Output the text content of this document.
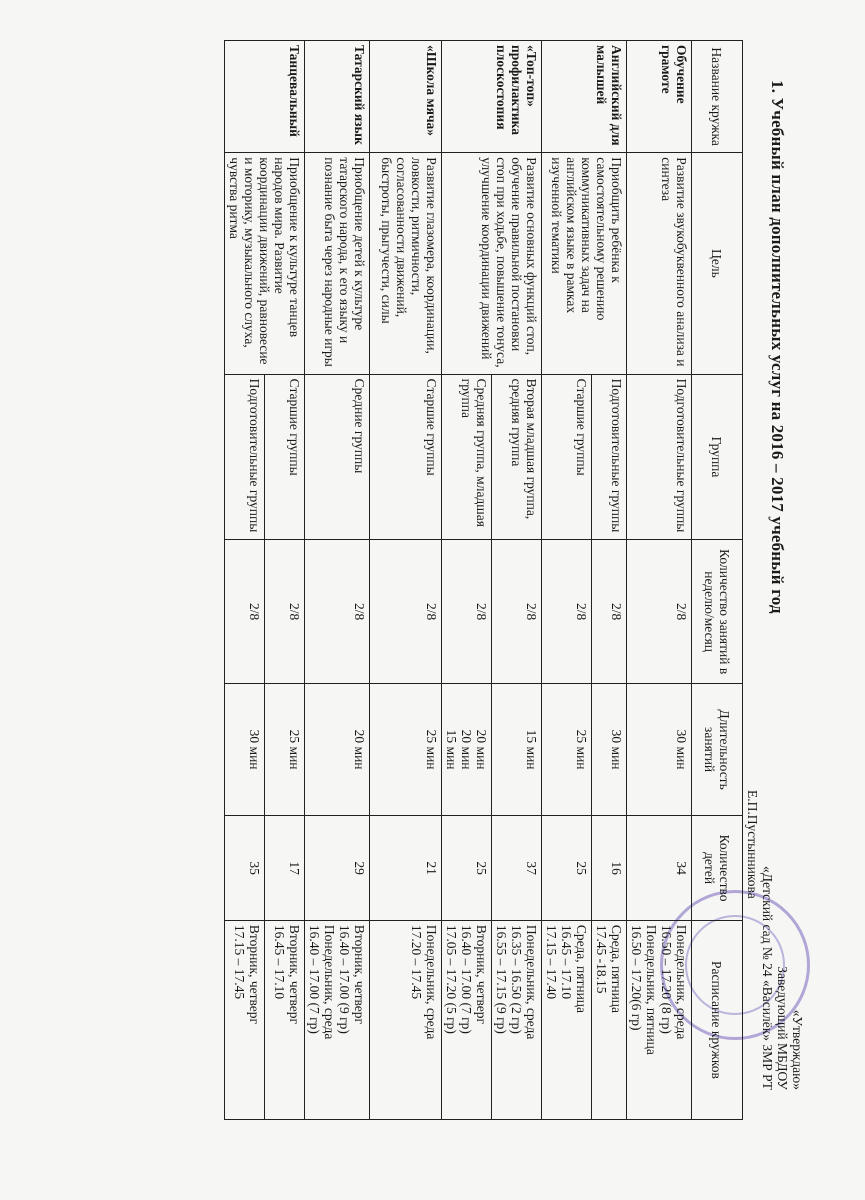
«Утверждаю»
Заведующий МБДОУ
«Детский сад № 24 «Василёк» ЗМР РТ
Е.П.Пустынникова
1. Учебный план дополнительных услуг на 2016 – 2017 учебный год
Название кружка	Цель	Группа	Количество занятий в неделю/месяц	Длительность занятий	Количество детей	Расписание кружков
Обучение грамоте	Развитие звукобуквенного анализа и синтеза	Подготовительные группы	2/8	30 мин	34	Понедельник, среда
16.50 – 17.20 (8 гр)
Понедельник, пятница
16.50 – 17.20(6 гр)

Английский для малышей	Приобщить ребёнка к самостоятельному решению коммуникативных задач на английском языке в рамках изученной тематики	Подготовительные группы	2/8	30 мин	16	Среда, пятница
17.45 -18.15

		Старшие группы	2/8	25 мин	25	Среда, пятница
16.45 – 17.10
17.15 – 17.40

«Топ-топ» профилактика плоскостопия	Развитие основных функций стоп, обучение правильной постановки стоп при ходьбе, повышение тонуса, улучшение координации движений	Вторая младшая группа, средняя группа	2/8	15 мин	37	Понедельник, среда
16.35 – 16.50 (2 гр)
16.55 – 17.15 (9 гр)

		Средняя группа, младшая группа	2/8	20 мин
20 мин
15 мин	25	Вторник, четверг
16.40 – 17.00 (7 гр)
17.05 – 17.20 (5 гр)

«Школа мяча»	Развитие глазомера, координации, ловкости, ритмичности, согласованности движений, быстроты, прыгучести, силы	Старшие группы	2/8	25 мин	21	Понедельник, среда
17.20 – 17.45

Татарский язык	Приобщение детей к культуре татарского народа, к его языку и познание быта через народные игры	Средние группы	2/8	20 мин	29	Вторник, четверг
16.40 – 17.00 (9 гр)
Понедельник, среда
16.40 – 17.00 (7 гр)

Танцевальный	Приобщение к культуре танцев народов мира. Развитие координации движений, равновесие и моторику, музыкального слуха, чувства ритма	Старшие группы	2/8	25 мин	17	Вторник, четверг
16.45 – 17.10

		Подготовительные группы	2/8	30 мин	35	Вторник, четверг
17.15 – 17.45
